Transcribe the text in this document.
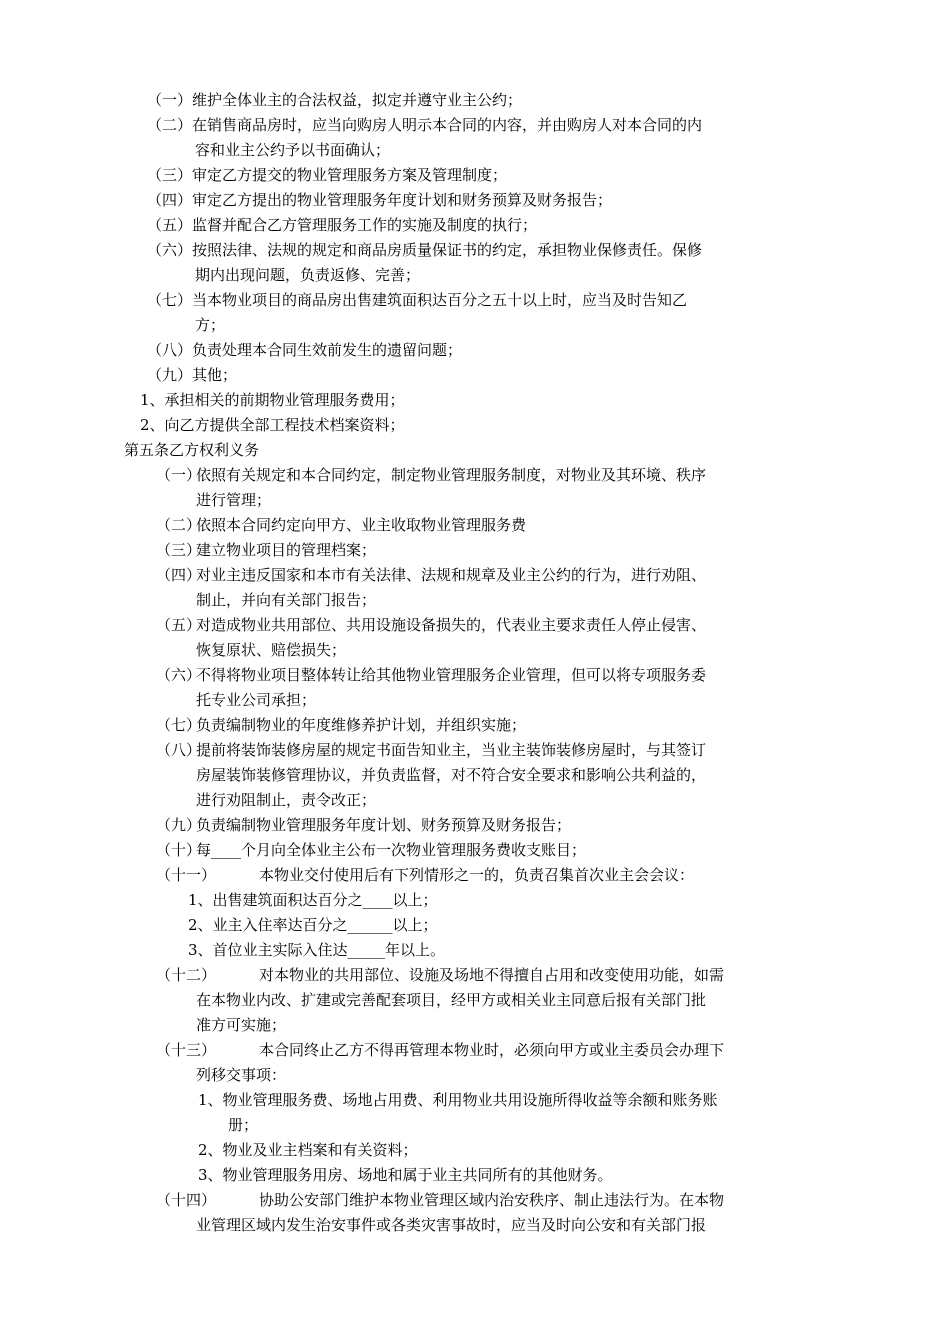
（一）维护全体业主的合法权益，拟定并遵守业主公约；
（二）在销售商品房时，应当向购房人明示本合同的内容，并由购房人对本合同的内
容和业主公约予以书面确认；
（三）审定乙方提交的物业管理服务方案及管理制度；
（四）审定乙方提出的物业管理服务年度计划和财务预算及财务报告；
（五）监督并配合乙方管理服务工作的实施及制度的执行；
（六）按照法律、法规的规定和商品房质量保证书的约定，承担物业保修责任。保修
期内出现问题，负责返修、完善；
（七）当本物业项目的商品房出售建筑面积达百分之五十以上时，应当及时告知乙
方；
（八）负责处理本合同生效前发生的遗留问题；
（九）其他；
1、承担相关的前期物业管理服务费用；
2、向乙方提供全部工程技术档案资料；
第五条乙方权利义务
（一）依照有关规定和本合同约定，制定物业管理服务制度，对物业及其环境、秩序
进行管理；
（二）依照本合同约定向甲方、业主收取物业管理服务费
（三）建立物业项目的管理档案；
（四）对业主违反国家和本市有关法律、法规和规章及业主公约的行为，进行劝阻、
制止，并向有关部门报告；
（五）对造成物业共用部位、共用设施设备损失的，代表业主要求责任人停止侵害、
恢复原状、赔偿损失；
（六）不得将物业项目整体转让给其他物业管理服务企业管理，但可以将专项服务委
托专业公司承担；
（七）负责编制物业的年度维修养护计划，并组织实施；
（八）提前将装饰装修房屋的规定书面告知业主，当业主装饰装修房屋时，与其签订
房屋装饰装修管理协议，并负责监督，对不符合安全要求和影响公共利益的，
进行劝阻制止，责令改正；
（九）负责编制物业管理服务年度计划、财务预算及财务报告；
（十）每____个月向全体业主公布一次物业管理服务费收支账目；
（十一）	本物业交付使用后有下列情形之一的，负责召集首次业主会会议：
1、出售建筑面积达百分之____以上；
2、业主入住率达百分之______以上；
3、首位业主实际入住达_____年以上。
（十二）	对本物业的共用部位、设施及场地不得擅自占用和改变使用功能，如需
在本物业内改、扩建或完善配套项目，经甲方或相关业主同意后报有关部门批
准方可实施；
（十三）	本合同终止乙方不得再管理本物业时，必须向甲方或业主委员会办理下
列移交事项：
1、物业管理服务费、场地占用费、利用物业共用设施所得收益等余额和账务账
册；
2、物业及业主档案和有关资料；
3、物业管理服务用房、场地和属于业主共同所有的其他财务。
（十四）	协助公安部门维护本物业管理区域内治安秩序、制止违法行为。在本物
业管理区域内发生治安事件或各类灾害事故时，应当及时向公安和有关部门报
